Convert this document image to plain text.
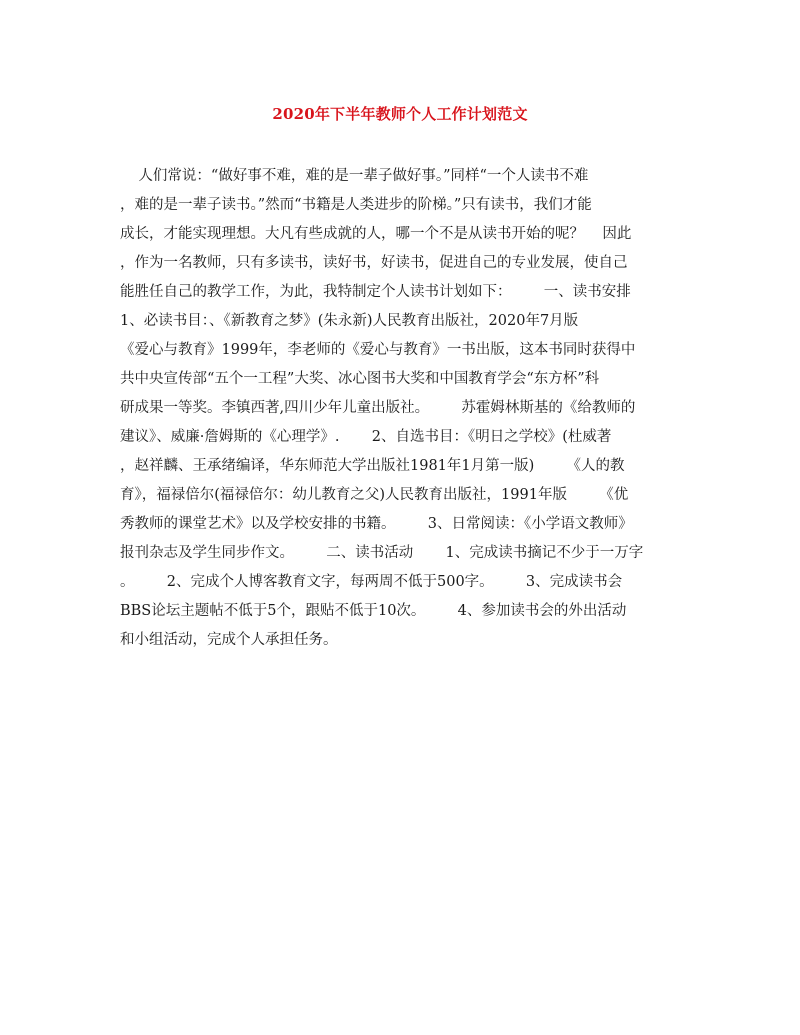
2020年下半年教师个人工作计划范文
人们常说：“做好事不难，难的是一辈子做好事。”同样“一个人读书不难
，难的是一辈子读书。”然而“书籍是人类进步的阶梯。”只有读书，我们才能
成长，才能实现理想。大凡有些成就的人，哪一个不是从读书开始的呢？    因此
，作为一名教师，只有多读书，读好书，好读书，促进自己的专业发展，使自己
能胜任自己的教学工作，为此，我特制定个人读书计划如下：       一、读书安排
1、必读书目：、《新教育之梦》(朱永新)人民教育出版社，2020年7月版
《爱心与教育》1999年，李老师的《爱心与教育》一书出版，这本书同时获得中
共中央宣传部“五个一工程”大奖、冰心图书大奖和中国教育学会“东方杯”科
研成果一等奖。李镇西著,四川少年儿童出版社。       苏霍姆林斯基的《给教师的
建议》、威廉·詹姆斯的《心理学》.       2、自选书目：《明日之学校》(杜威著
，赵祥麟、王承绪编译，华东师范大学出版社1981年1月第一版)       《人的教
育》，福禄倍尔(福禄倍尔：幼儿教育之父)人民教育出版社，1991年版       《优
秀教师的课堂艺术》以及学校安排的书籍。       3、日常阅读：《小学语文教师》
报刊杂志及学生同步作文。       二、读书活动       1、完成读书摘记不少于一万字
。       2、完成个人博客教育文字，每两周不低于500字。       3、完成读书会
BBS论坛主题帖不低于5个，跟贴不低于10次。       4、参加读书会的外出活动
和小组活动，完成个人承担任务。
